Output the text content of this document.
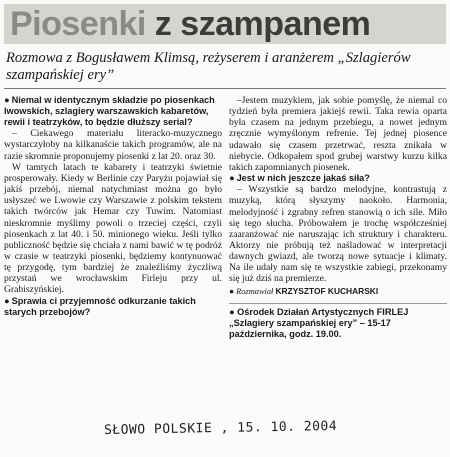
Piosenki z szampanem
Rozmowa z Bogusławem Klimsą, reżyserem i aranżerem „Szlagierów szampańskiej ery”
● Niemal w identycznym składzie po piosenkach lwowskich, szlagiery warszawskich kabaretów, rewii i teatrzyków, to będzie dłuższy serial?

– Ciekawego materiału literacko-muzycznego wystarczyłoby na kilkanaście takich programów, ale na razie skromnie proponujemy piosenki z lat 20. oraz 30.

W tamtych latach te kabarety i teatrzyki świetnie prosperowały. Kiedy w Berlinie czy Paryżu pojawiał się jakiś przebój, niemal natychmiast można go było usłyszeć we Lwowie czy Warszawie z polskim tekstem takich twórców jak Hemar czy Tuwim. Natomiast nieskromnie myślimy powoli o trzeciej części, czyli piosenkach z lat 40. i 50. minionego wieku. Jeśli tylko publiczność będzie się chciała z nami bawić w tę podróż w czasie w teatrzyki piosenki, będziemy kontynuować tę przygodę, tym bardziej że znaleźliśmy życzliwą przystań we wrocławskim Firleju przy ul. Grabiszyńskiej.

● Sprawia ci przyjemność odkurzanie takich starych przebojów?

–Jestem muzykiem, jak sobie pomyślę, że niemal co tydzień była premiera jakiejś rewii. Taka rewia oparta była czasem na jednym przebiegu, a nowet jednym zręcznie wymyślonym refrenie. Tej jednej piosence udawało się czasem przetrwać, reszta znikała w niebycie. Odkopałem spod grubej warstwy kurzu kilka takich zapomnianych piosenek.

● Jest w nich jeszcze jakaś siła?

– Wszystkie są bardzo melodyjne, kontrastują z muzyką, którą słyszymy naokoło. Harmonia, melodyjność i zgrabny refren stanowią o ich sile. Miło się tego słucha. Próbowałem je trochę współcześniej zaaranżować nie naruszając ich struktury i charakteru. Aktorzy nie próbują też naśladować w interpretacji dawnych gwiazd, ale tworzą nowe sytuacje i klimaty. Na ile udały nam się te wszystkie zabiegi, przekonamy się już dziś na premierze.

● Rozmawiał KRZYSZTOF KUCHARSKI
● Ośrodek Działań Artystycznych FIRLEJ „Szlagiery szampańskiej ery” – 15-17 października, godz. 19.00.
SŁOWO POLSKIE , 15. 10. 2004
